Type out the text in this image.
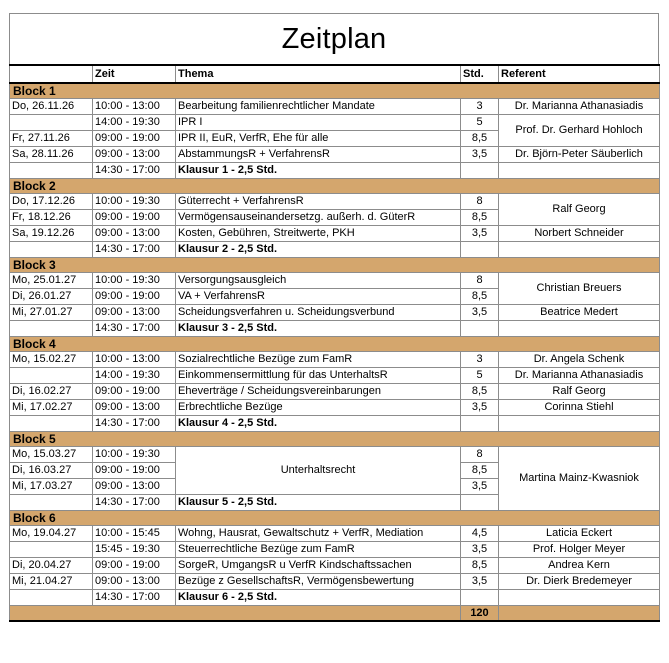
Zeitplan
	Zeit	Thema	Std.	Referent
Block 1				
Do, 26.11.26	10:00 - 13:00	Bearbeitung familienrechtlicher Mandate	3	Dr. Marianna Athanasiadis
	14:00 - 19:30	IPR I	5	Prof. Dr. Gerhard Hohloch
Fr, 27.11.26	09:00 - 19:00	IPR II, EuR, VerfR, Ehe für alle	8,5	
Sa, 28.11.26	09:00 - 13:00	AbstammungsR + VerfahrensR	3,5	Dr. Björn-Peter Säuberlich
	14:30 - 17:00	Klausur 1 - 2,5 Std.		
Block 2				
Do, 17.12.26	10:00 - 19:30	Güterrecht + VerfahrensR	8	Ralf Georg
Fr, 18.12.26	09:00 - 19:00	Vermögensauseinandersetzg. außerh. d. GüterR	8,5	
Sa, 19.12.26	09:00 - 13:00	Kosten, Gebühren, Streitwerte, PKH	3,5	Norbert Schneider
	14:30 - 17:00	Klausur 2 - 2,5 Std.		
Block 3				
Mo, 25.01.27	10:00 - 19:30	Versorgungsausgleich	8	Christian Breuers
Di, 26.01.27	09:00 - 19:00	VA + VerfahrensR	8,5	
Mi, 27.01.27	09:00 - 13:00	Scheidungsverfahren u. Scheidungsverbund	3,5	Beatrice Medert
	14:30 - 17:00	Klausur 3 - 2,5 Std.		
Block 4				
Mo, 15.02.27	10:00 - 13:00	Sozialrechtliche Bezüge zum FamR	3	Dr. Angela Schenk
	14:00 - 19:30	Einkommensermittlung für das UnterhaltsR	5	Dr. Marianna Athanasiadis
Di, 16.02.27	09:00 - 19:00	Eheverträge / Scheidungsvereinbarungen	8,5	Ralf Georg
Mi, 17.02.27	09:00 - 13:00	Erbrechtliche Bezüge	3,5	Corinna Stiehl
	14:30 - 17:00	Klausur 4 - 2,5 Std.		
Block 5				
Mo, 15.03.27	10:00 - 19:30	Unterhaltsrecht	8	Martina Mainz-Kwasniok
Di, 16.03.27	09:00 - 19:00		8,5	
Mi, 17.03.27	09:00 - 13:00		3,5	
	14:30 - 17:00	Klausur 5 - 2,5 Std.		
Block 6				
Mo, 19.04.27	10:00 - 15:45	Wohng, Hausrat, Gewaltschutz + VerfR, Mediation	4,5	Laticia Eckert
	15:45 - 19:30	Steuerrechtliche Bezüge zum FamR	3,5	Prof. Holger Meyer
Di, 20.04.27	09:00 - 19:00	SorgeR, UmgangsR u VerfR Kindschaftssachen	8,5	Andrea Kern
Mi, 21.04.27	09:00 - 13:00	Bezüge z GesellschaftsR, Vermögensbewertung	3,5	Dr. Dierk Bredemeyer
	14:30 - 17:00	Klausur 6 - 2,5 Std.		
			120	
